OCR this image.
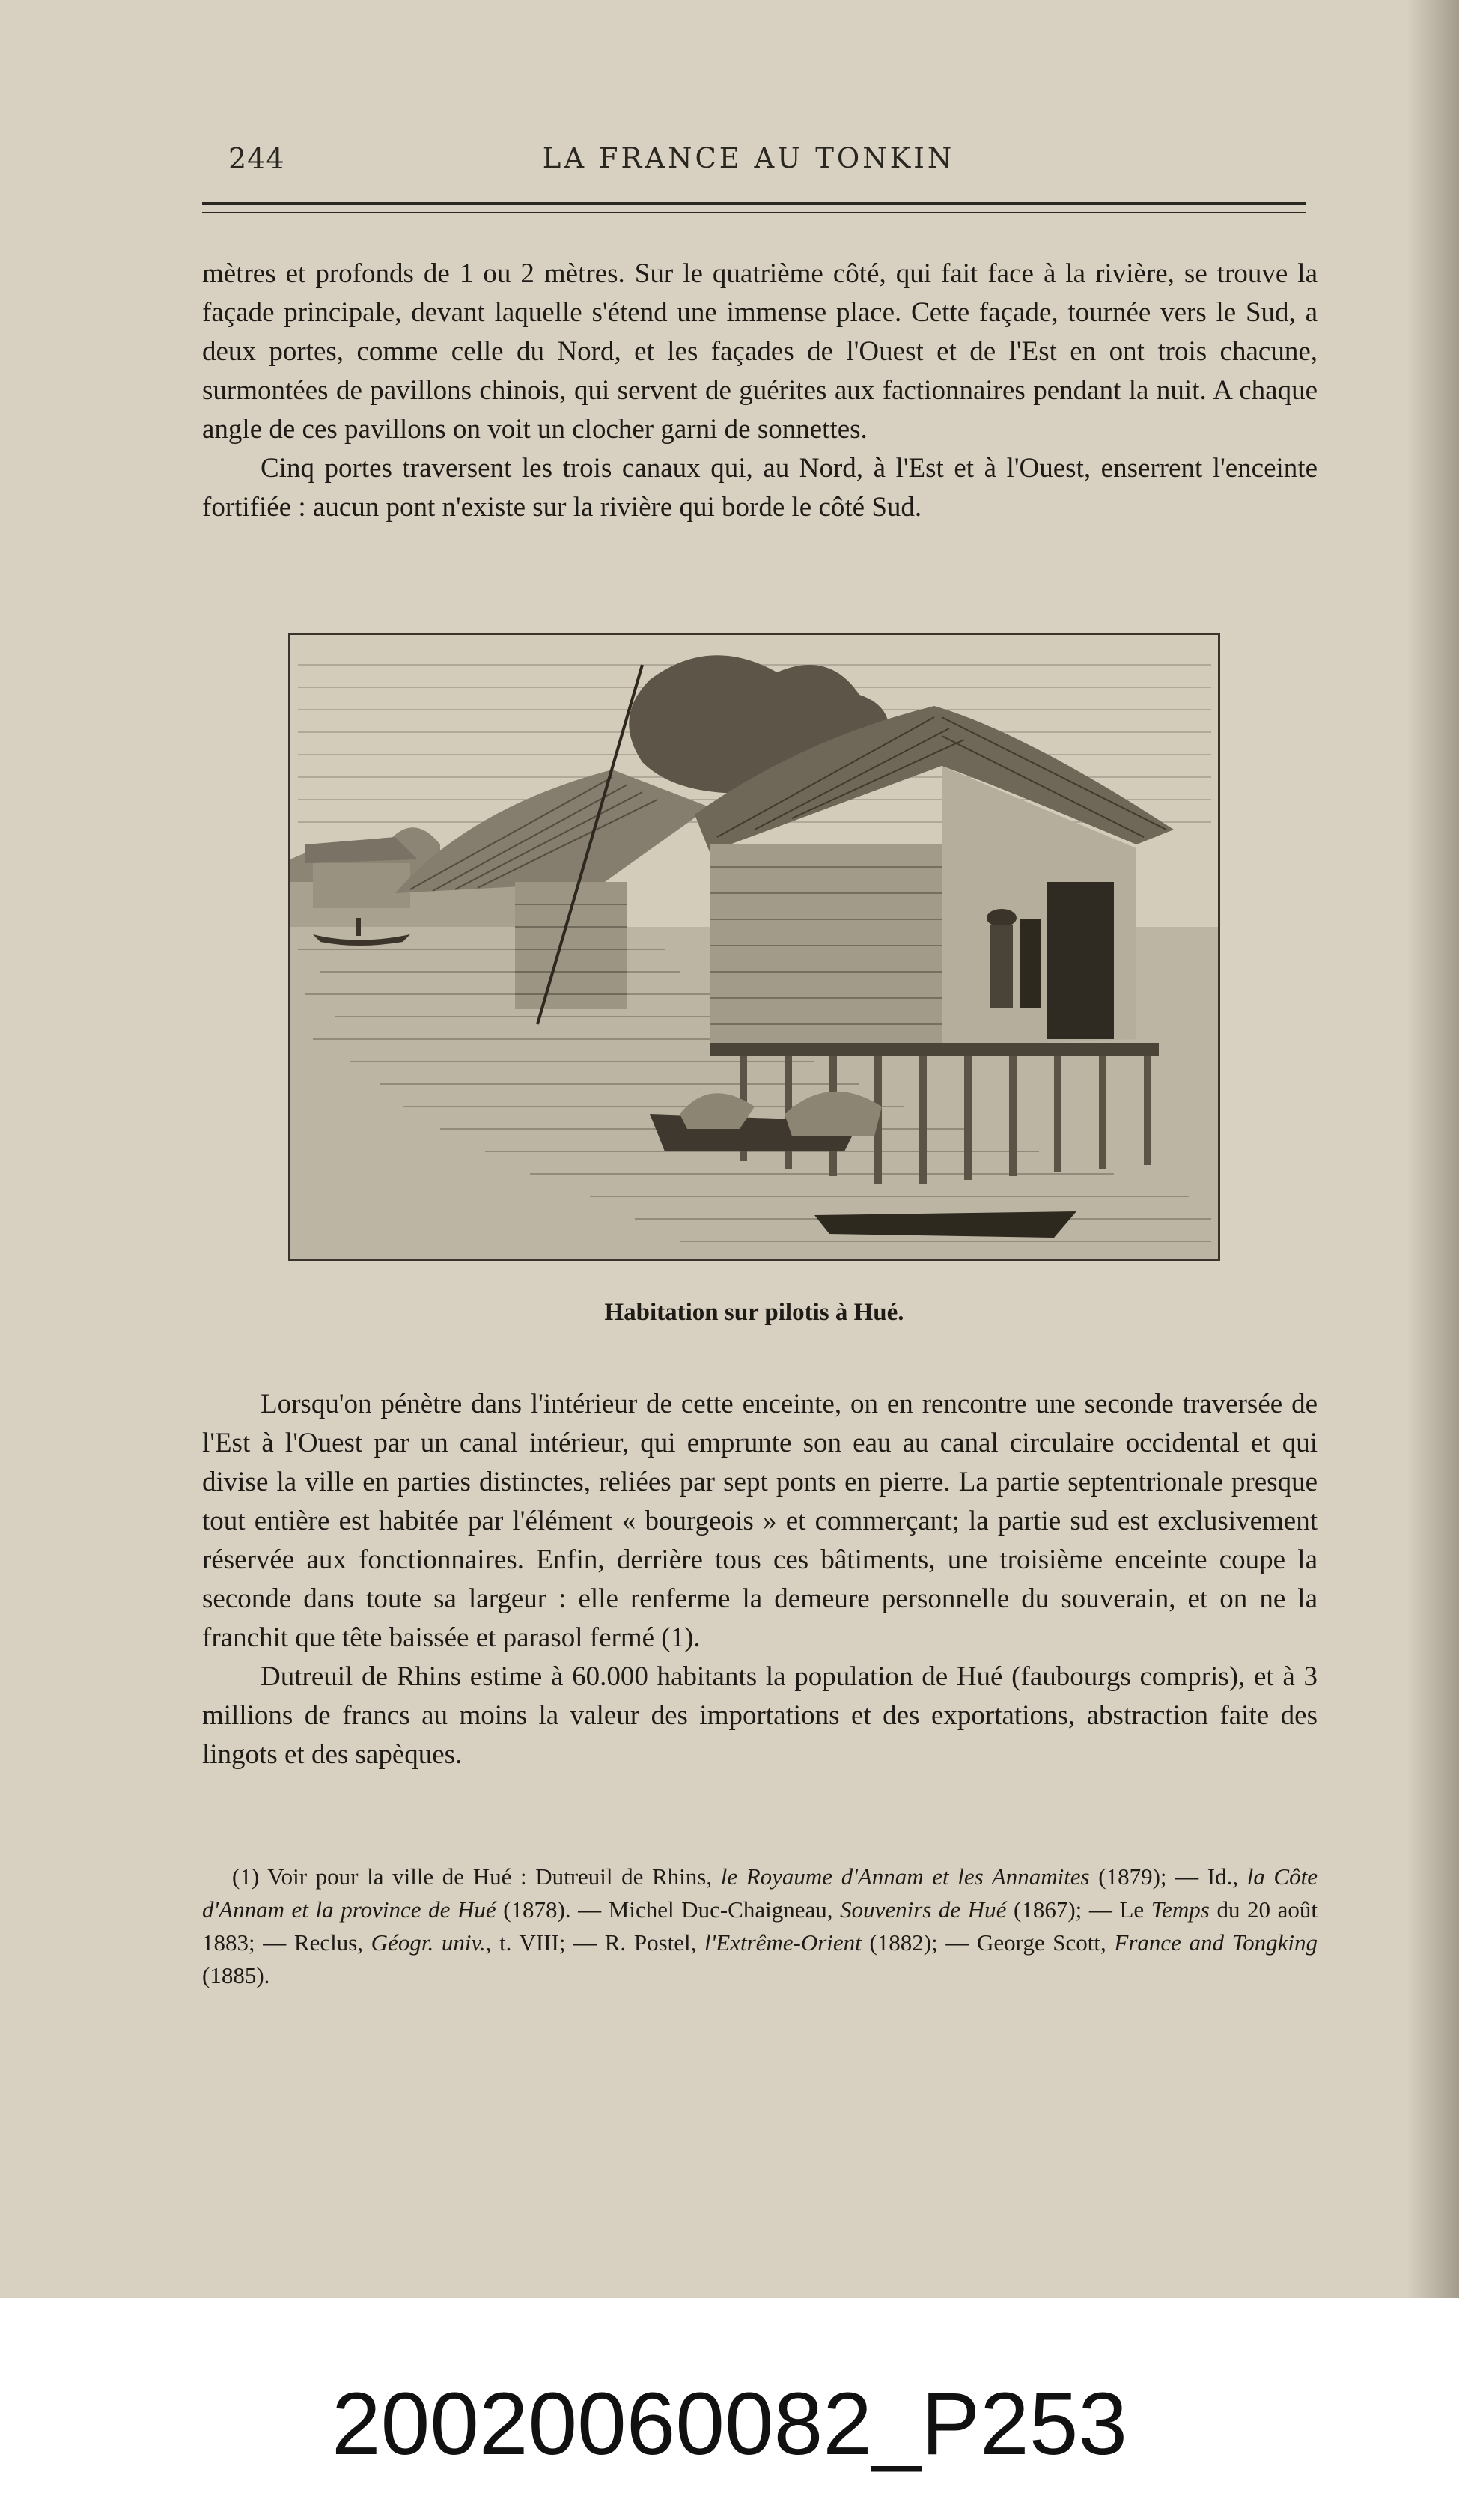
244	LA FRANCE AU TONKIN

mètres et profonds de 1 ou 2 mètres. Sur le quatrième côté, qui fait face à la rivière, se trouve la façade principale, devant laquelle s'étend une immense place. Cette façade, tournée vers le Sud, a deux portes, comme celle du Nord, et les façades de l'Ouest et de l'Est en ont trois chacune, surmontées de pavillons chinois, qui servent de guérites aux factionnaires pendant la nuit. A chaque angle de ces pavillons on voit un clocher garni de sonnettes.

Cinq portes traversent les trois canaux qui, au Nord, à l'Est et à l'Ouest, enserrent l'enceinte fortifiée : aucun pont n'existe sur la rivière qui borde le côté Sud.

Habitation sur pilotis à Hué.

Lorsqu'on pénètre dans l'intérieur de cette enceinte, on en rencontre une seconde traversée de l'Est à l'Ouest par un canal intérieur, qui emprunte son eau au canal circulaire occidental et qui divise la ville en parties distinctes, reliées par sept ponts en pierre. La partie septentrionale presque tout entière est habitée par l'élément « bourgeois » et commerçant; la partie sud est exclusivement réservée aux fonctionnaires. Enfin, derrière tous ces bâtiments, une troisième enceinte coupe la seconde dans toute sa largeur : elle renferme la demeure personnelle du souverain, et on ne la franchit que tête baissée et parasol fermé (1).

Dutreuil de Rhins estime à 60.000 habitants la population de Hué (faubourgs compris), et à 3 millions de francs au moins la valeur des importations et des exportations, abstraction faite des lingots et des sapèques.

(1) Voir pour la ville de Hué : Dutreuil de Rhins, le Royaume d'Annam et les Annamites (1879); — Id., la Côte d'Annam et la province de Hué (1878). — Michel Duc-Chaigneau, Souvenirs de Hué (1867); — Le Temps du 20 août 1883; — Reclus, Géogr. univ., t. VIII; — R. Postel, l'Extrême-Orient (1882); — George Scott, France and Tongking (1885).

20020060082_P253
